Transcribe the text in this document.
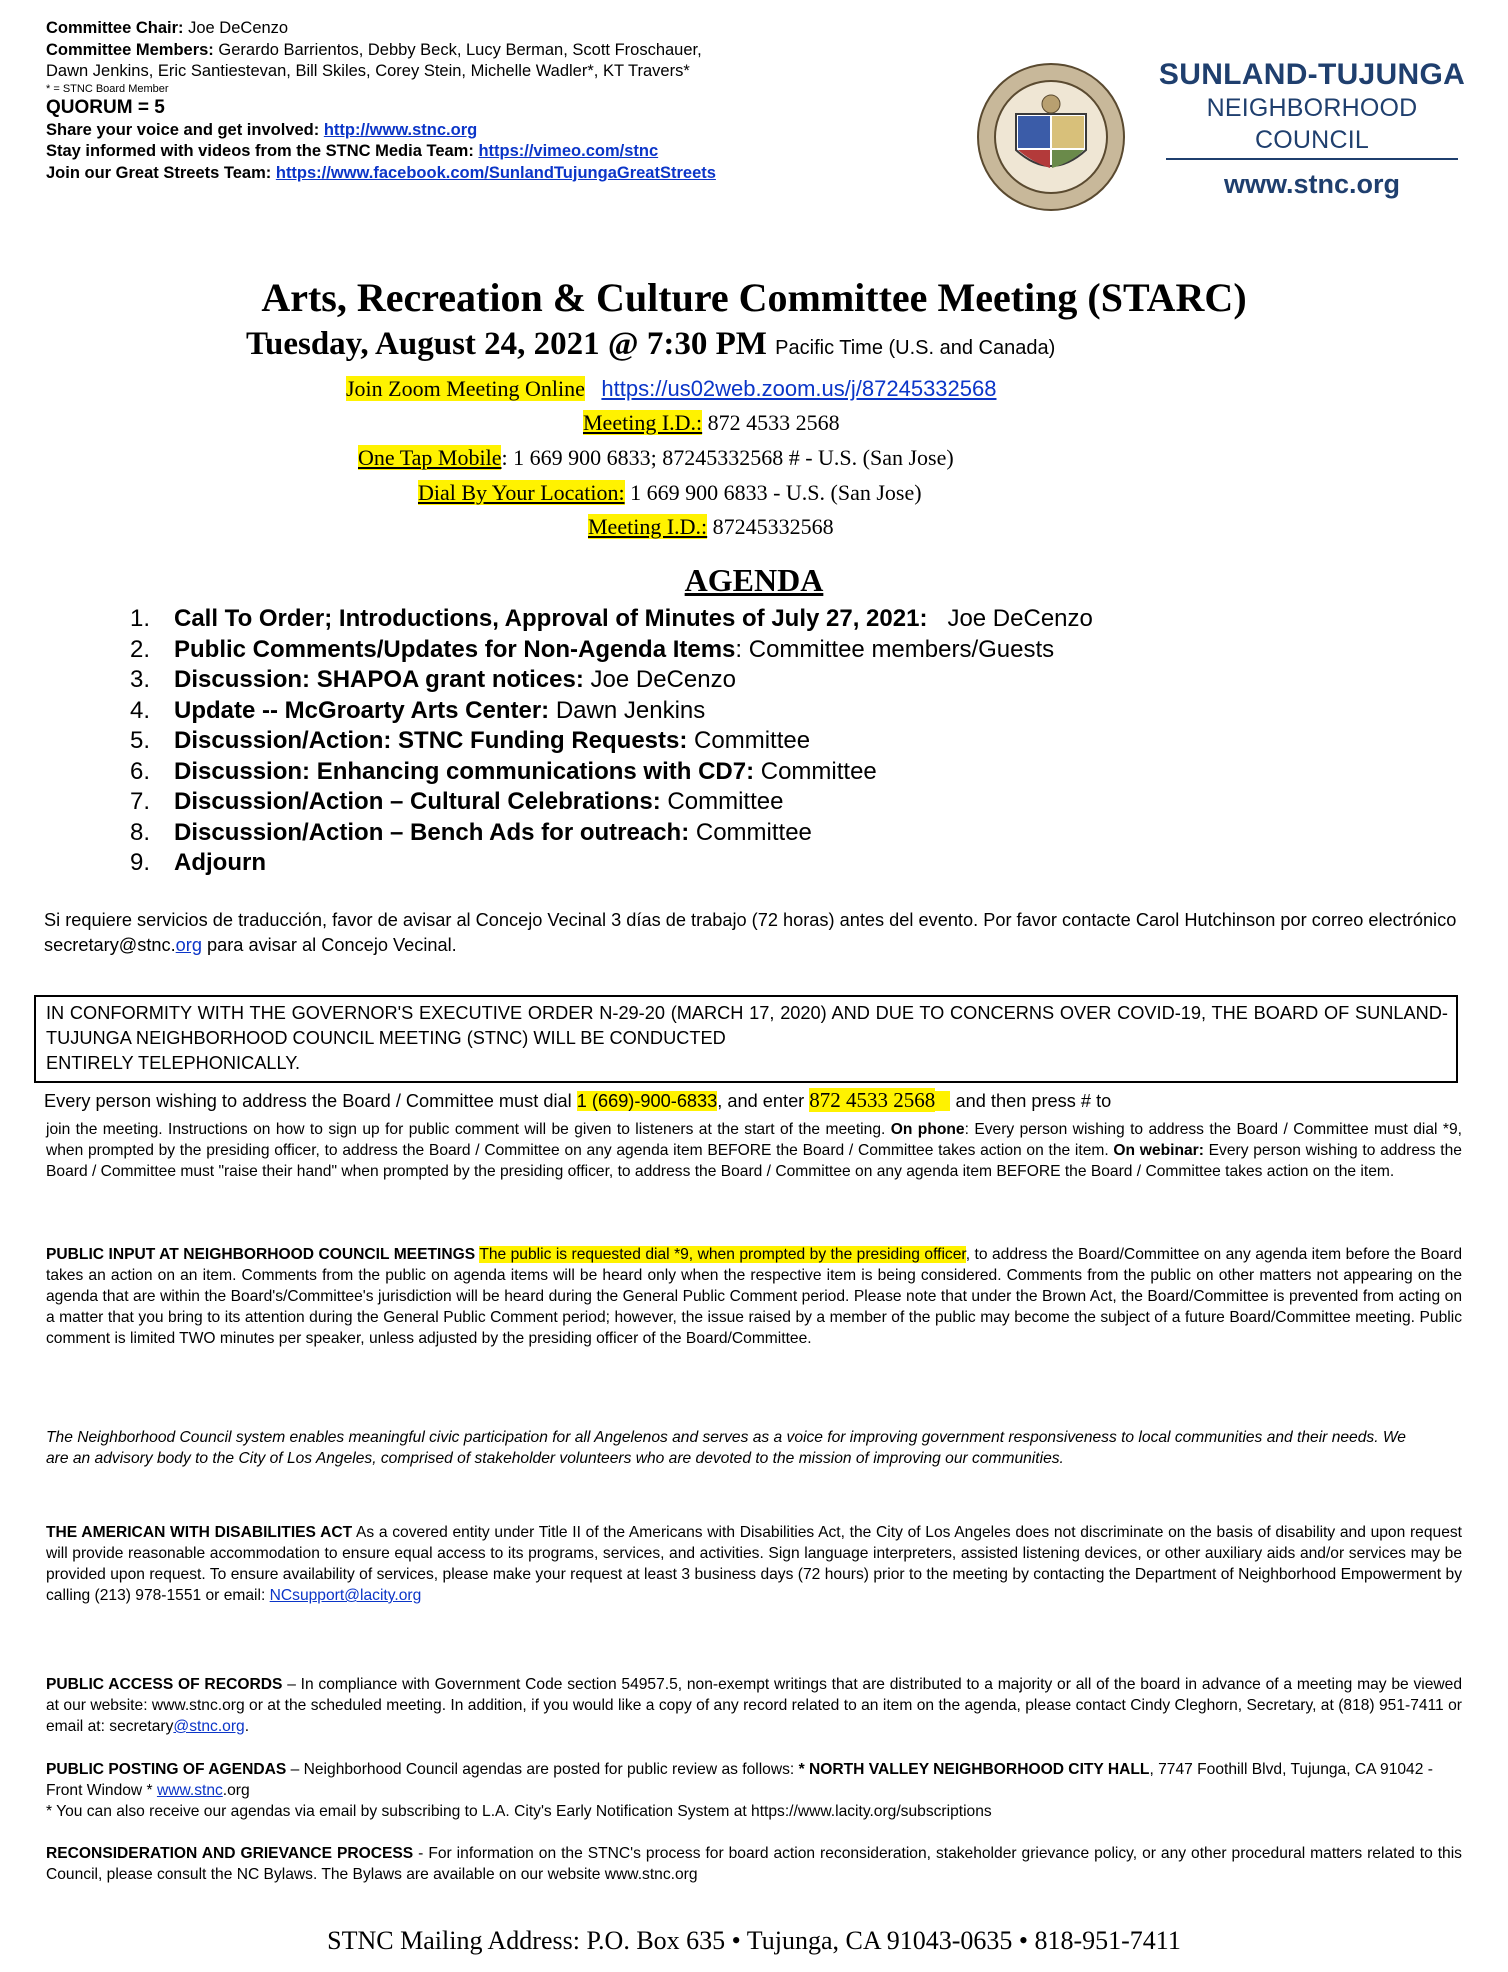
Committee Chair: Joe DeCenzo
Committee Members: Gerardo Barrientos, Debby Beck, Lucy Berman, Scott Froschauer,
Dawn Jenkins, Eric Santiestevan, Bill Skiles, Corey Stein, Michelle Wadler*, KT Travers*
* = STNC Board Member
QUORUM = 5
Share your voice and get involved: http://www.stnc.org
Stay informed with videos from the STNC Media Team: https://vimeo.com/stnc
Join our Great Streets Team: https://www.facebook.com/SunlandTujungaGreatStreets
SUNLAND-TUJUNGA
NEIGHBORHOOD COUNCIL
www.stnc.org
Arts, Recreation & Culture Committee Meeting (STARC)
Tuesday, August 24, 2021 @ 7:30 PM Pacific Time (U.S. and Canada)
Join Zoom Meeting Online https://us02web.zoom.us/j/87245332568
Meeting I.D.: 872 4533 2568
One Tap Mobile: 1 669 900 6833; 87245332568 # - U.S. (San Jose)
Dial By Your Location: 1 669 900 6833 - U.S. (San Jose)
Meeting I.D.: 87245332568
AGENDA
1. Call To Order; Introductions, Approval of Minutes of July 27, 2021:   Joe DeCenzo
2. Public Comments/Updates for Non-Agenda Items: Committee members/Guests
3. Discussion: SHAPOA grant notices: Joe DeCenzo
4. Update -- McGroarty Arts Center: Dawn Jenkins
5. Discussion/Action: STNC Funding Requests: Committee
6. Discussion: Enhancing communications with CD7: Committee
7. Discussion/Action – Cultural Celebrations: Committee
8. Discussion/Action – Bench Ads for outreach: Committee
9. Adjourn
Si requiere servicios de traducción, favor de avisar al Concejo Vecinal 3 días de trabajo (72 horas) antes del evento. Por favor contacte Carol Hutchinson por correo electrónico secretary@stnc.org para avisar al Concejo Vecinal.
IN CONFORMITY WITH THE GOVERNOR'S EXECUTIVE ORDER N-29-20 (MARCH 17, 2020) AND DUE TO CONCERNS OVER COVID-19, THE BOARD OF SUNLAND-TUJUNGA NEIGHBORHOOD COUNCIL MEETING (STNC) WILL BE CONDUCTED
ENTIRELY TELEPHONICALLY.
Every person wishing to address the Board / Committee must dial 1 (669)-900-6833, and enter 872 4533 2568    and then press # to
join the meeting. Instructions on how to sign up for public comment will be given to listeners at the start of the meeting. On phone: Every person wishing to address the Board / Committee must dial *9, when prompted by the presiding officer, to address the Board / Committee on any agenda item BEFORE the Board / Committee takes action on the item. On webinar: Every person wishing to address the Board / Committee must "raise their hand" when prompted by the presiding officer, to address the Board / Committee on any agenda item BEFORE the Board / Committee takes action on the item.
PUBLIC INPUT AT NEIGHBORHOOD COUNCIL MEETINGS The public is requested dial *9, when prompted by the presiding officer, to address the Board/Committee on any agenda item before the Board takes an action on an item. Comments from the public on agenda items will be heard only when the respective item is being considered. Comments from the public on other matters not appearing on the agenda that are within the Board's/Committee's jurisdiction will be heard during the General Public Comment period. Please note that under the Brown Act, the Board/Committee is prevented from acting on a matter that you bring to its attention during the General Public Comment period; however, the issue raised by a member of the public may become the subject of a future Board/Committee meeting. Public comment is limited TWO minutes per speaker, unless adjusted by the presiding officer of the Board/Committee.
The Neighborhood Council system enables meaningful civic participation for all Angelenos and serves as a voice for improving government responsiveness to local communities and their needs. We are an advisory body to the City of Los Angeles, comprised of stakeholder volunteers who are devoted to the mission of improving our communities.
THE AMERICAN WITH DISABILITIES ACT As a covered entity under Title II of the Americans with Disabilities Act, the City of Los Angeles does not discriminate on the basis of disability and upon request will provide reasonable accommodation to ensure equal access to its programs, services, and activities. Sign language interpreters, assisted listening devices, or other auxiliary aids and/or services may be provided upon request. To ensure availability of services, please make your request at least 3 business days (72 hours) prior to the meeting by contacting the Department of Neighborhood Empowerment by calling (213) 978-1551 or email: NCsupport@lacity.org
PUBLIC ACCESS OF RECORDS – In compliance with Government Code section 54957.5, non-exempt writings that are distributed to a majority or all of the board in advance of a meeting may be viewed at our website: www.stnc.org or at the scheduled meeting. In addition, if you would like a copy of any record related to an item on the agenda, please contact Cindy Cleghorn, Secretary, at (818) 951-7411 or email at: secretary@stnc.org.
PUBLIC POSTING OF AGENDAS – Neighborhood Council agendas are posted for public review as follows: * NORTH VALLEY NEIGHBORHOOD CITY HALL, 7747 Foothill Blvd, Tujunga, CA 91042 - Front Window * www.stnc.org
* You can also receive our agendas via email by subscribing to L.A. City's Early Notification System at https://www.lacity.org/subscriptions
RECONSIDERATION AND GRIEVANCE PROCESS - For information on the STNC's process for board action reconsideration, stakeholder grievance policy, or any other procedural matters related to this Council, please consult the NC Bylaws. The Bylaws are available on our website www.stnc.org
STNC Mailing Address: P.O. Box 635 • Tujunga, CA 91043-0635 • 818-951-7411
